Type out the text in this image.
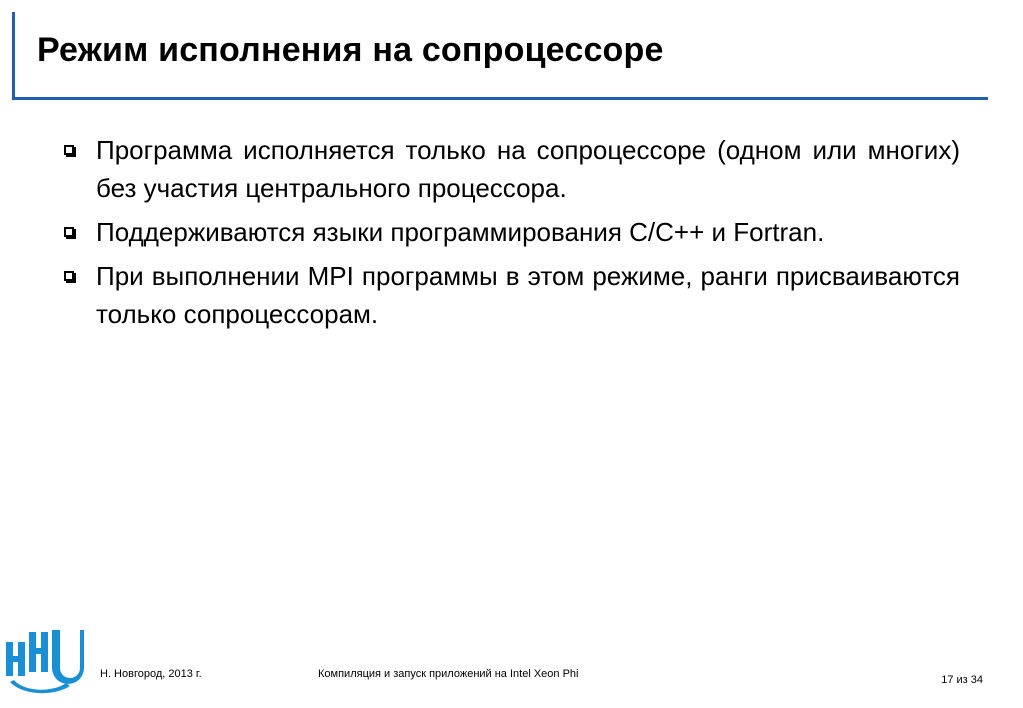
Режим исполнения на сопроцессоре
Программа исполняется только на сопроцессоре (одном или многих) без участия центрального процессора.
Поддерживаются языки программирования C/C++ и Fortran.
При выполнении MPI программы в этом режиме, ранги присваиваются только сопроцессорам.
Н. Новгород, 2013 г.	Компиляция и запуск приложений на Intel Xeon Phi	17 из 34
